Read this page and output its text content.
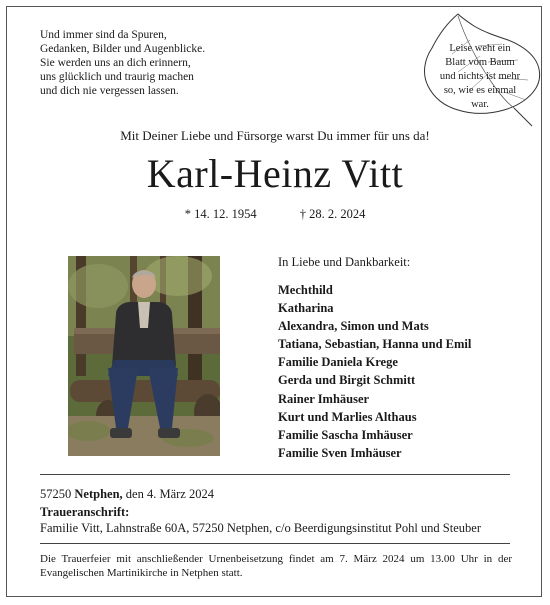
Und immer sind da Spuren,
Gedanken, Bilder und Augenblicke.
Sie werden uns an dich erinnern,
uns glücklich und traurig machen
und dich nie vergessen lassen.
Leise weht ein
Blatt vom Baum
und nichts ist mehr
so, wie es einmal
war.
Mit Deiner Liebe und Fürsorge warst Du immer für uns da!
Karl-Heinz Vitt
* 14. 12. 1954	† 28. 2. 2024
In Liebe und Dankbarkeit:
Mechthild
Katharina
Alexandra, Simon und Mats
Tatiana, Sebastian, Hanna und Emil
Familie Daniela Krege
Gerda und Birgit Schmitt
Rainer Imhäuser
Kurt und Marlies Althaus
Familie Sascha Imhäuser
Familie Sven Imhäuser
57250 Netphen, den 4. März 2024
Traueranschrift:
Familie Vitt, Lahnstraße 60A, 57250 Netphen, c/o Beerdigungsinstitut Pohl und Steuber
Die Trauerfeier mit anschließender Urnenbeisetzung findet am 7. März 2024 um 13.00 Uhr in der Evangelischen Martinikirche in Netphen statt.
